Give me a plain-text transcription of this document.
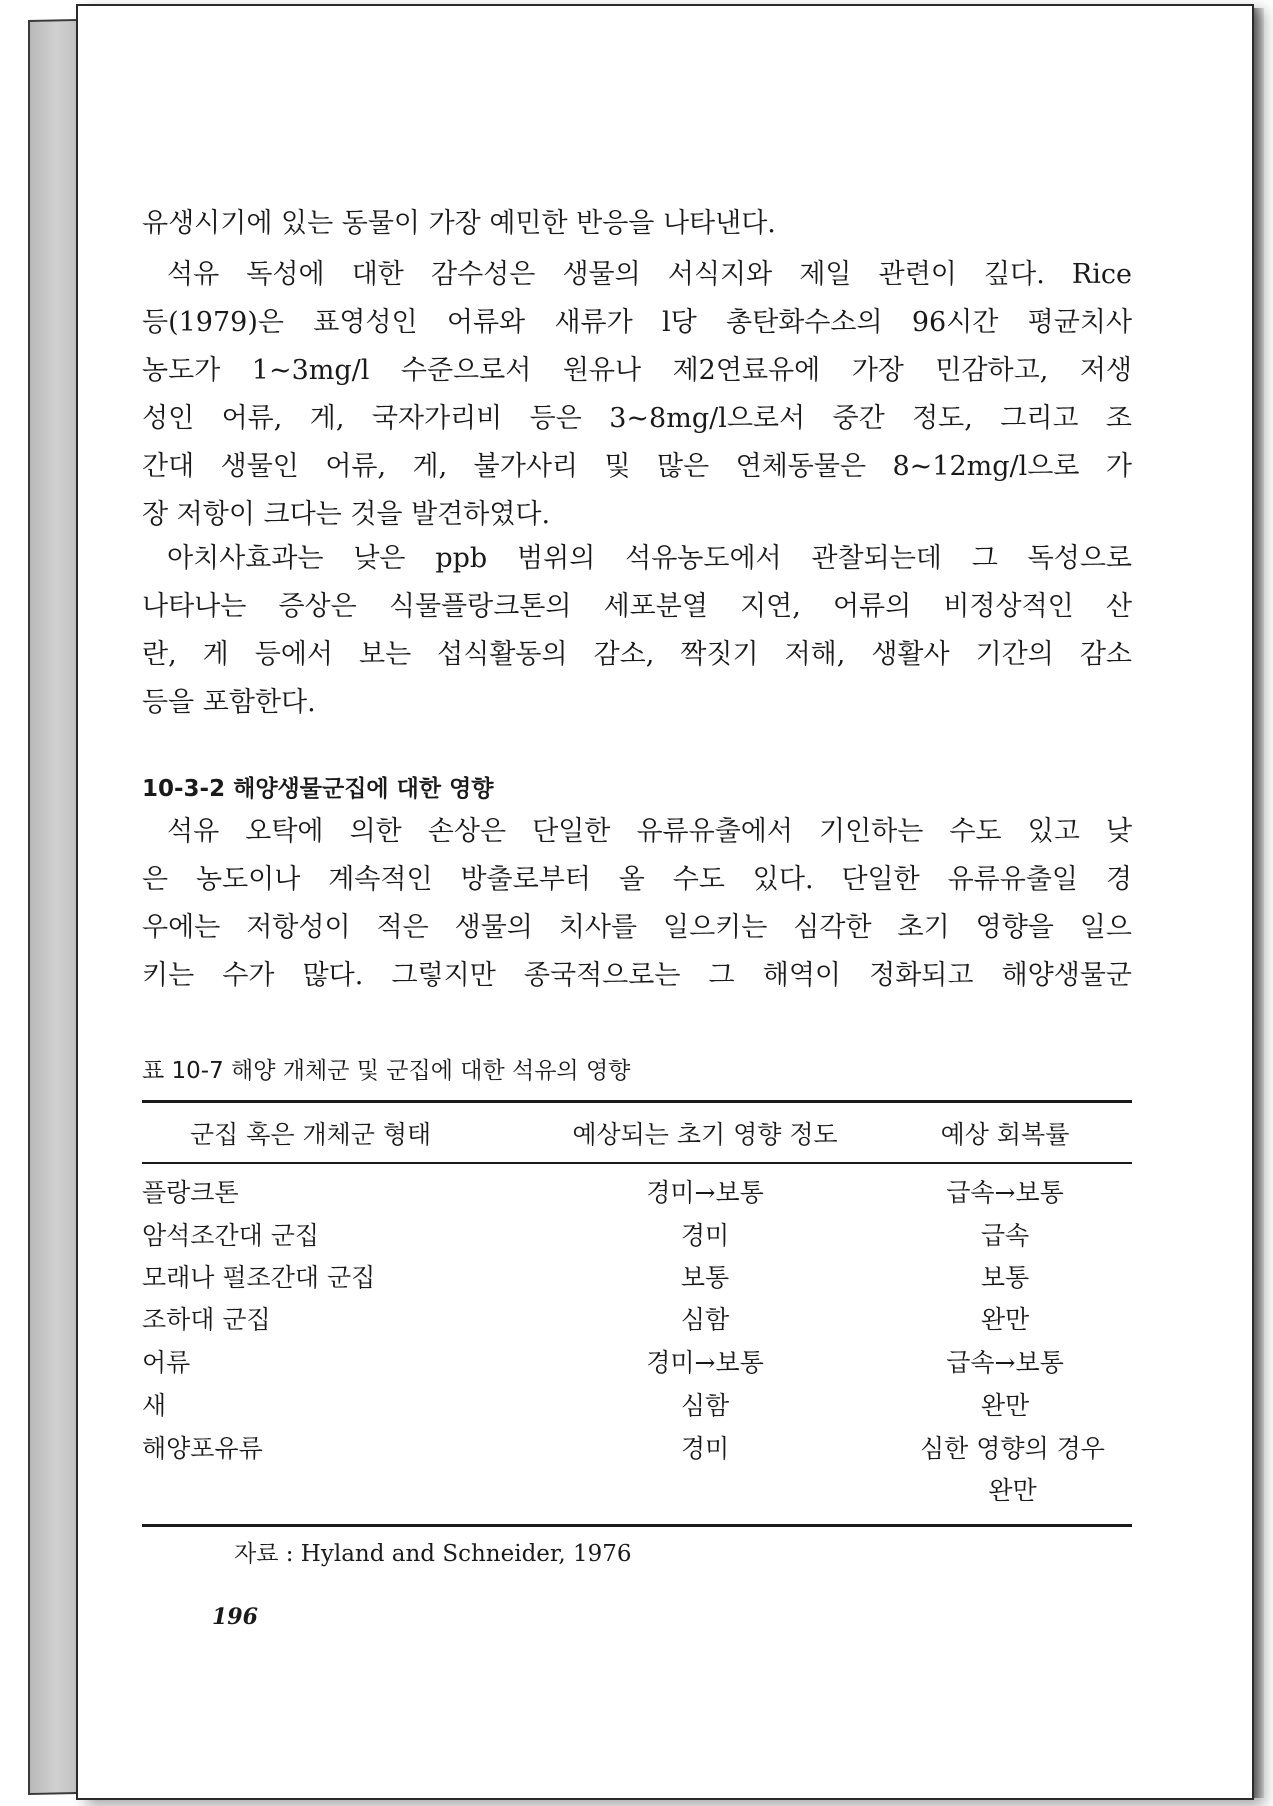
유생시기에 있는 동물이 가장 예민한 반응을 나타낸다.

석유 독성에 대한 감수성은 생물의 서식지와 제일 관련이 깊다. Rice

등(1979)은 표영성인 어류와 새류가 l당 총탄화수소의 96시간 평균치사

농도가 1~3mg/l 수준으로서 원유나 제2연료유에 가장 민감하고, 저생

성인 어류, 게, 국자가리비 등은 3~8mg/l으로서 중간 정도, 그리고 조

간대 생물인 어류, 게, 불가사리 및 많은 연체동물은 8~12mg/l으로 가

장 저항이 크다는 것을 발견하였다.

아치사효과는 낮은 ppb 범위의 석유농도에서 관찰되는데 그 독성으로

나타나는 증상은 식물플랑크톤의 세포분열 지연, 어류의 비정상적인 산

란, 게 등에서 보는 섭식활동의 감소, 짝짓기 저해, 생활사 기간의 감소

등을 포함한다.

10-3-2 해양생물군집에 대한 영향

석유 오탁에 의한 손상은 단일한 유류유출에서 기인하는 수도 있고 낮

은 농도이나 계속적인 방출로부터 올 수도 있다. 단일한 유류유출일 경

우에는 저항성이 적은 생물의 치사를 일으키는 심각한 초기 영향을 일으

키는 수가 많다. 그렇지만 종국적으로는 그 해역이 정화되고 해양생물군

표 10-7 해양 개체군 및 군집에 대한 석유의 영향
군집 혹은 개체군 형태	예상되는 초기 영향 정도	예상 회복률
플랑크톤	경미→보통	급속→보통
암석조간대 군집	경미	급속
모래나 펄조간대 군집	보통	보통
조하대 군집	심함	완만
어류	경미→보통	급속→보통
새	심함	완만
해양포유류	경미	심한 영향의 경우
완만
자료 : Hyland and Schneider, 1976
196
